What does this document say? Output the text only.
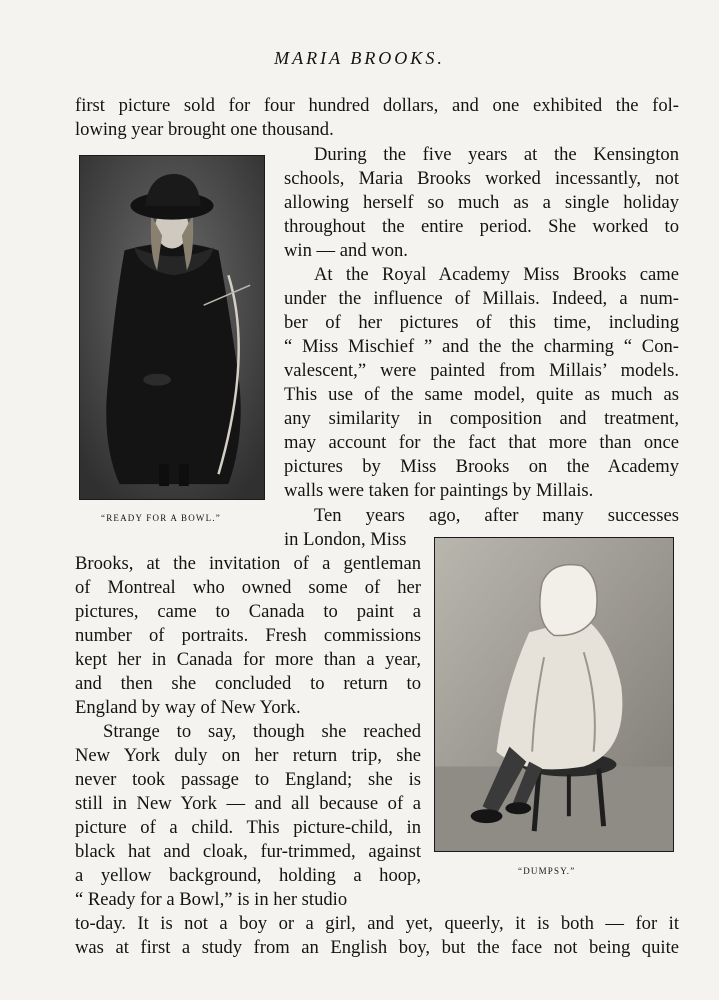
MARIA BROOKS.
first picture sold for four hundred dollars, and one exhibited the fol-
lowing year brought one thousand.
During the five years at the Kensington
schools, Maria Brooks worked incessantly, not
allowing herself so much as a single holiday
throughout the entire period. She worked to
win — and won.
At the Royal Academy Miss Brooks came
under the influence of Millais. Indeed, a num-
ber of her pictures of this time, including
“ Miss Mischief ” and the the charming “ Con-
valescent,” were painted from Millais’ models.
This use of the same model, quite as much as
any similarity in composition and treatment,
may account for the fact that more than once
pictures by Miss Brooks on the Academy
walls were taken for paintings by Millais.
Ten years ago, after many successes
in London, Miss
Brooks, at the invitation of a gentleman
of Montreal who owned some of her
pictures, came to Canada to paint a
number of portraits. Fresh commissions
kept her in Canada for more than a year,
and then she concluded to return to
England by way of New York.
Strange to say, though she reached
New York duly on her return trip, she
never took passage to England; she is
still in New York — and all because of a
picture of a child. This picture-child, in
black hat and cloak, fur-trimmed, against
a yellow background, holding a hoop,
“ Ready for a Bowl,” is in her studio
to-day. It is not a boy or a girl, and yet, queerly, it is both — for it
was at first a study from an English boy, but the face not being quite
“READY FOR A BOWL.”
“DUMPSY.”
